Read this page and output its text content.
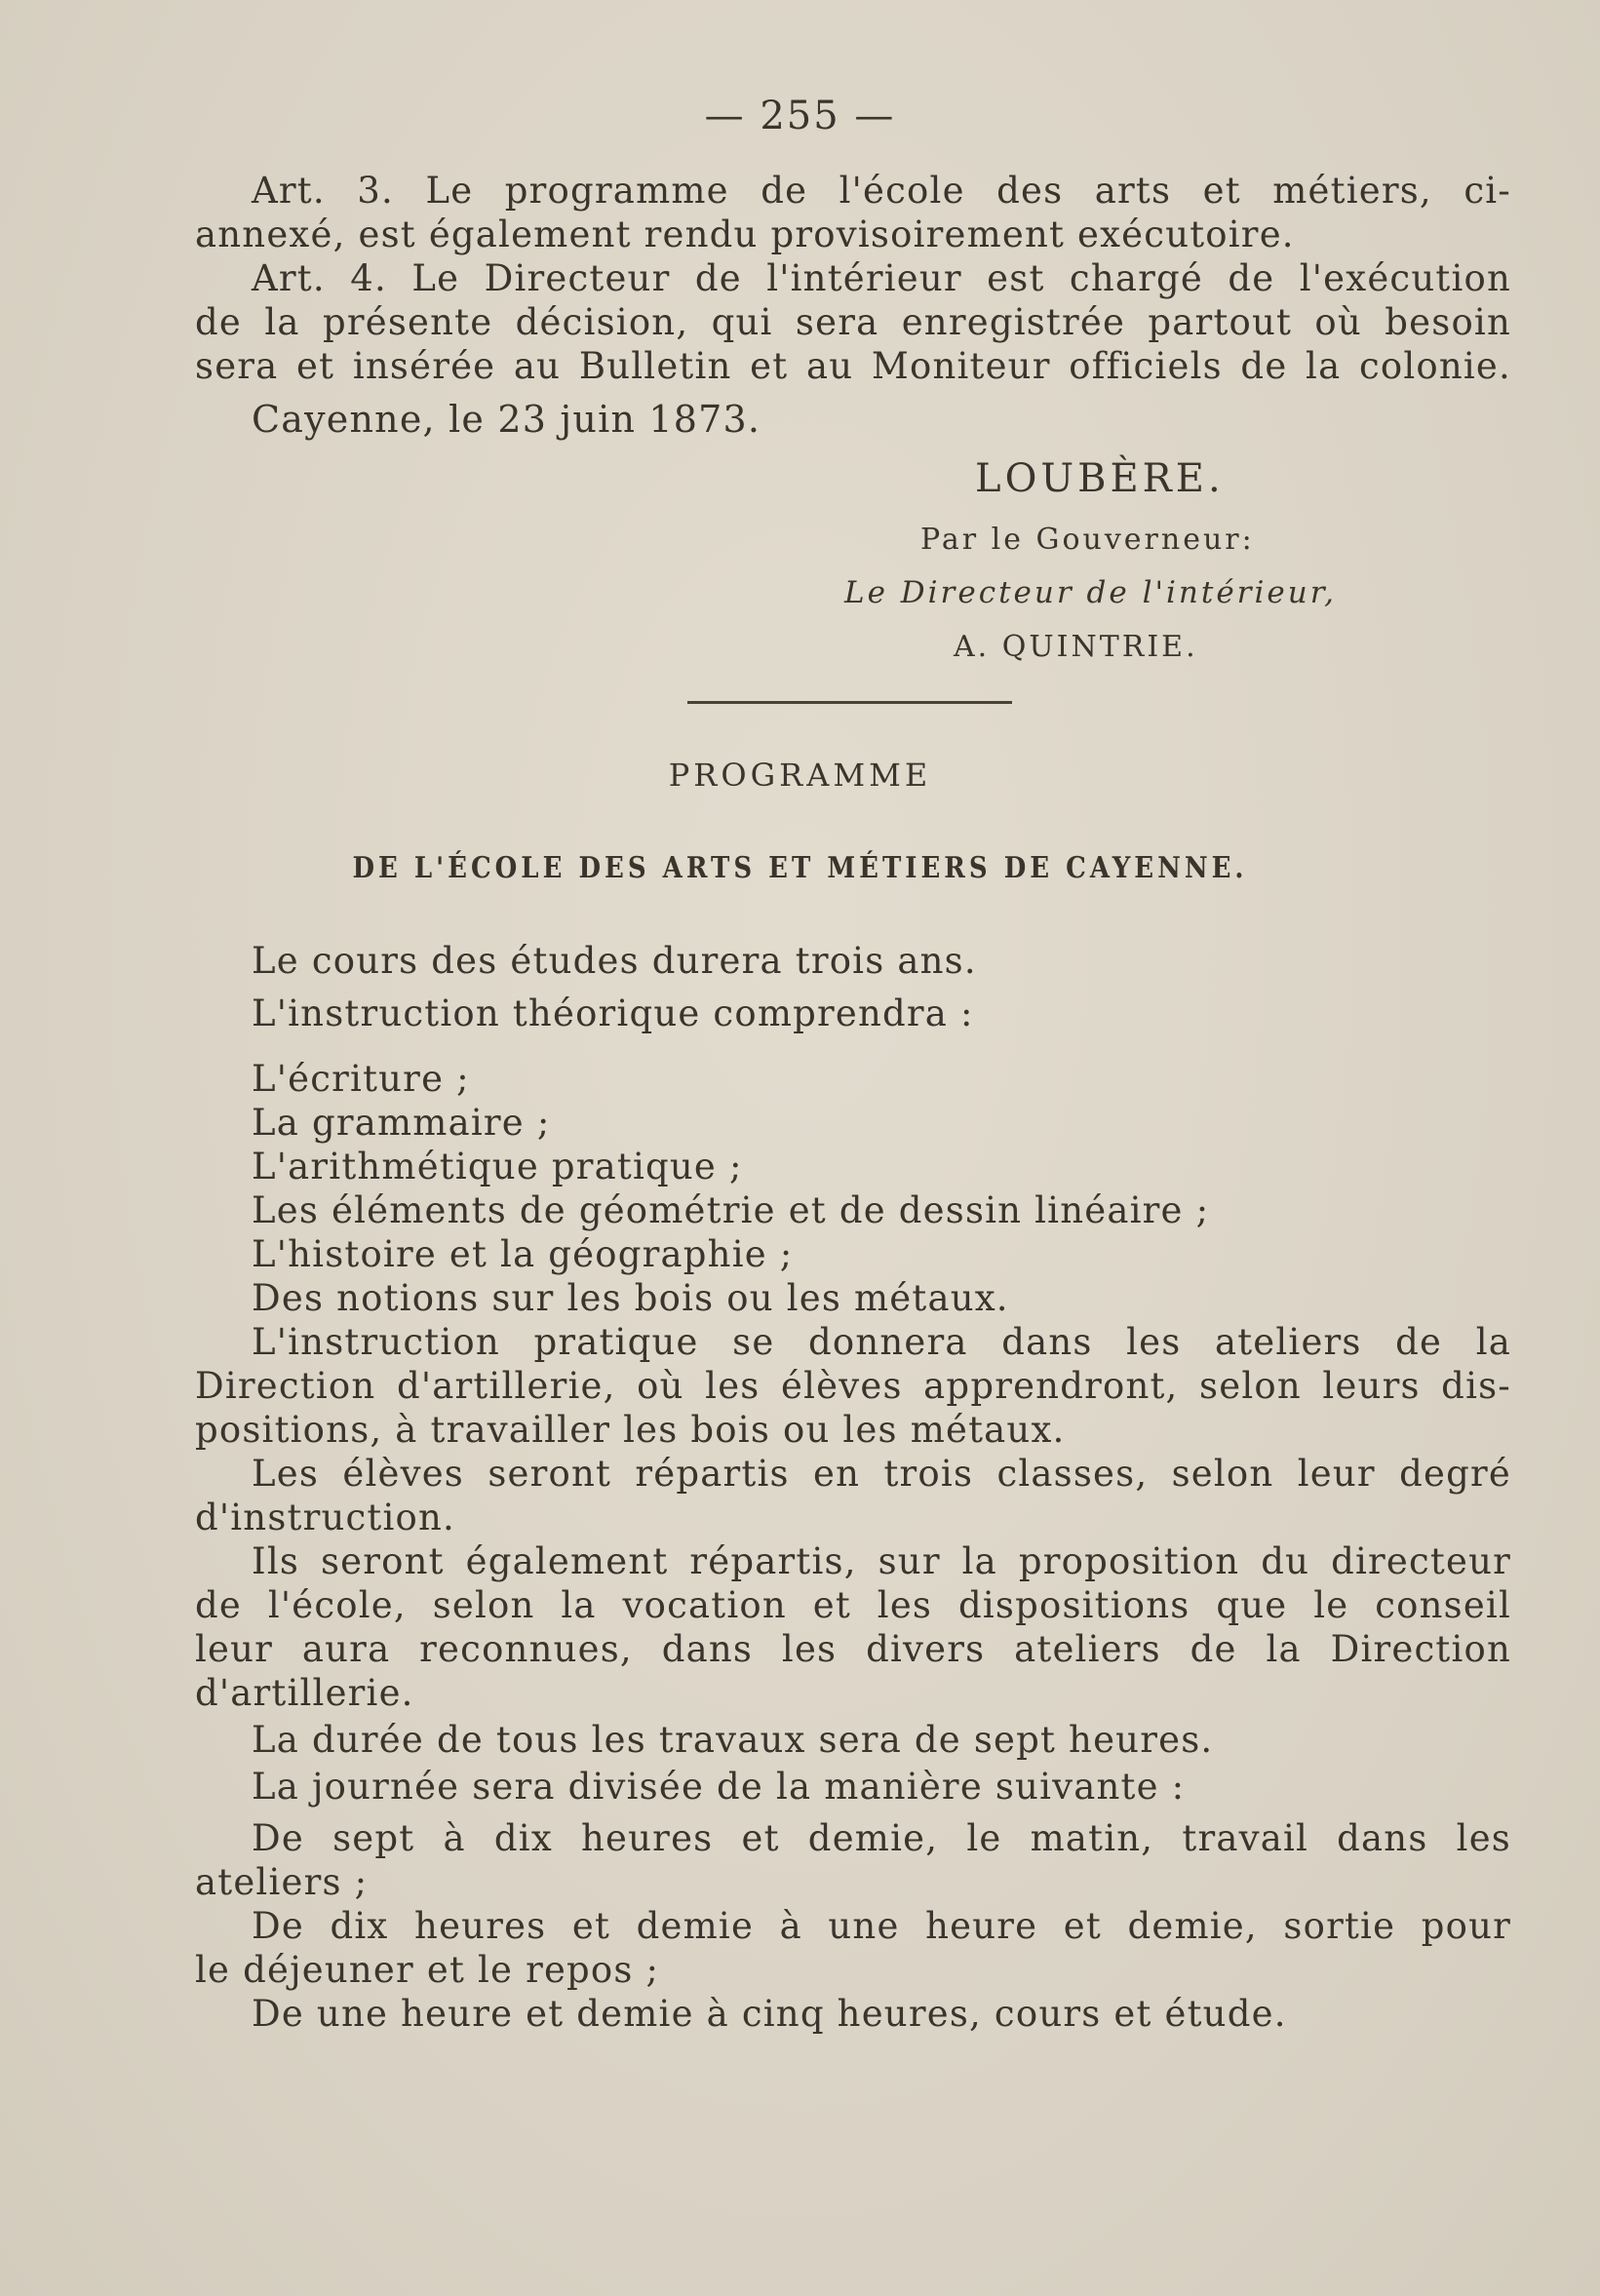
— 255 —
Art. 3. Le programme de l'école des arts et métiers, ci-
annexé, est également rendu provisoirement exécutoire.
Art. 4. Le Directeur de l'intérieur est chargé de l'exécution
de la présente décision, qui sera enregistrée partout où besoin
sera et insérée au Bulletin et au Moniteur officiels de la colonie.
Cayenne, le 23 juin 1873.
LOUBÈRE.
Par le Gouverneur:
Le Directeur de l'intérieur,
A. QUINTRIE.
PROGRAMME
DE L'ÉCOLE DES ARTS ET MÉTIERS DE CAYENNE.
Le cours des études durera trois ans.
L'instruction théorique comprendra :
L'écriture ;
La grammaire ;
L'arithmétique pratique ;
Les éléments de géométrie et de dessin linéaire ;
L'histoire et la géographie ;
Des notions sur les bois ou les métaux.
L'instruction pratique se donnera dans les ateliers de la
Direction d'artillerie, où les élèves apprendront, selon leurs dis-
positions, à travailler les bois ou les métaux.
Les élèves seront répartis en trois classes, selon leur degré
d'instruction.
Ils seront également répartis, sur la proposition du directeur
de l'école, selon la vocation et les dispositions que le conseil
leur aura reconnues, dans les divers ateliers de la Direction
d'artillerie.
La durée de tous les travaux sera de sept heures.
La journée sera divisée de la manière suivante :
De sept à dix heures et demie, le matin, travail dans les
ateliers ;
De dix heures et demie à une heure et demie, sortie pour
le déjeuner et le repos ;
De une heure et demie à cinq heures, cours et étude.
